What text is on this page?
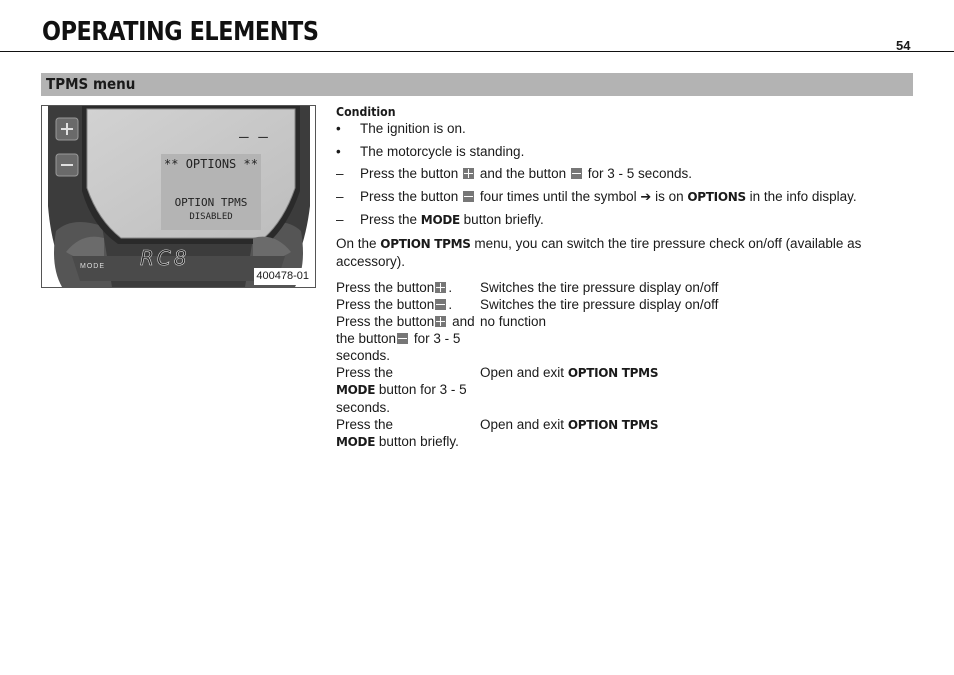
OPERATING ELEMENTS	54
TPMS menu
– –
** OPTIONS **
OPTION TPMS
DISABLED
MODE RC8
400478-01
Condition
• The ignition is on.
• The motorcycle is standing.
– Press the button and the button for 3 - 5 seconds.
– Press the button four times until the symbol ➔ is on OPTIONS in the info display.
– Press the MODE button briefly.
On the OPTION TPMS menu, you can switch the tire pressure check on/off (available as accessory).
Press the button .	Switches the tire pressure display on/off
Press the button .	Switches the tire pressure display on/off
Press the button and the button for 3 - 5 seconds.	no function
Press the
MODE button for 3 - 5 seconds.	Open and exit OPTION TPMS
Press the
MODE button briefly.	Open and exit OPTION TPMS
